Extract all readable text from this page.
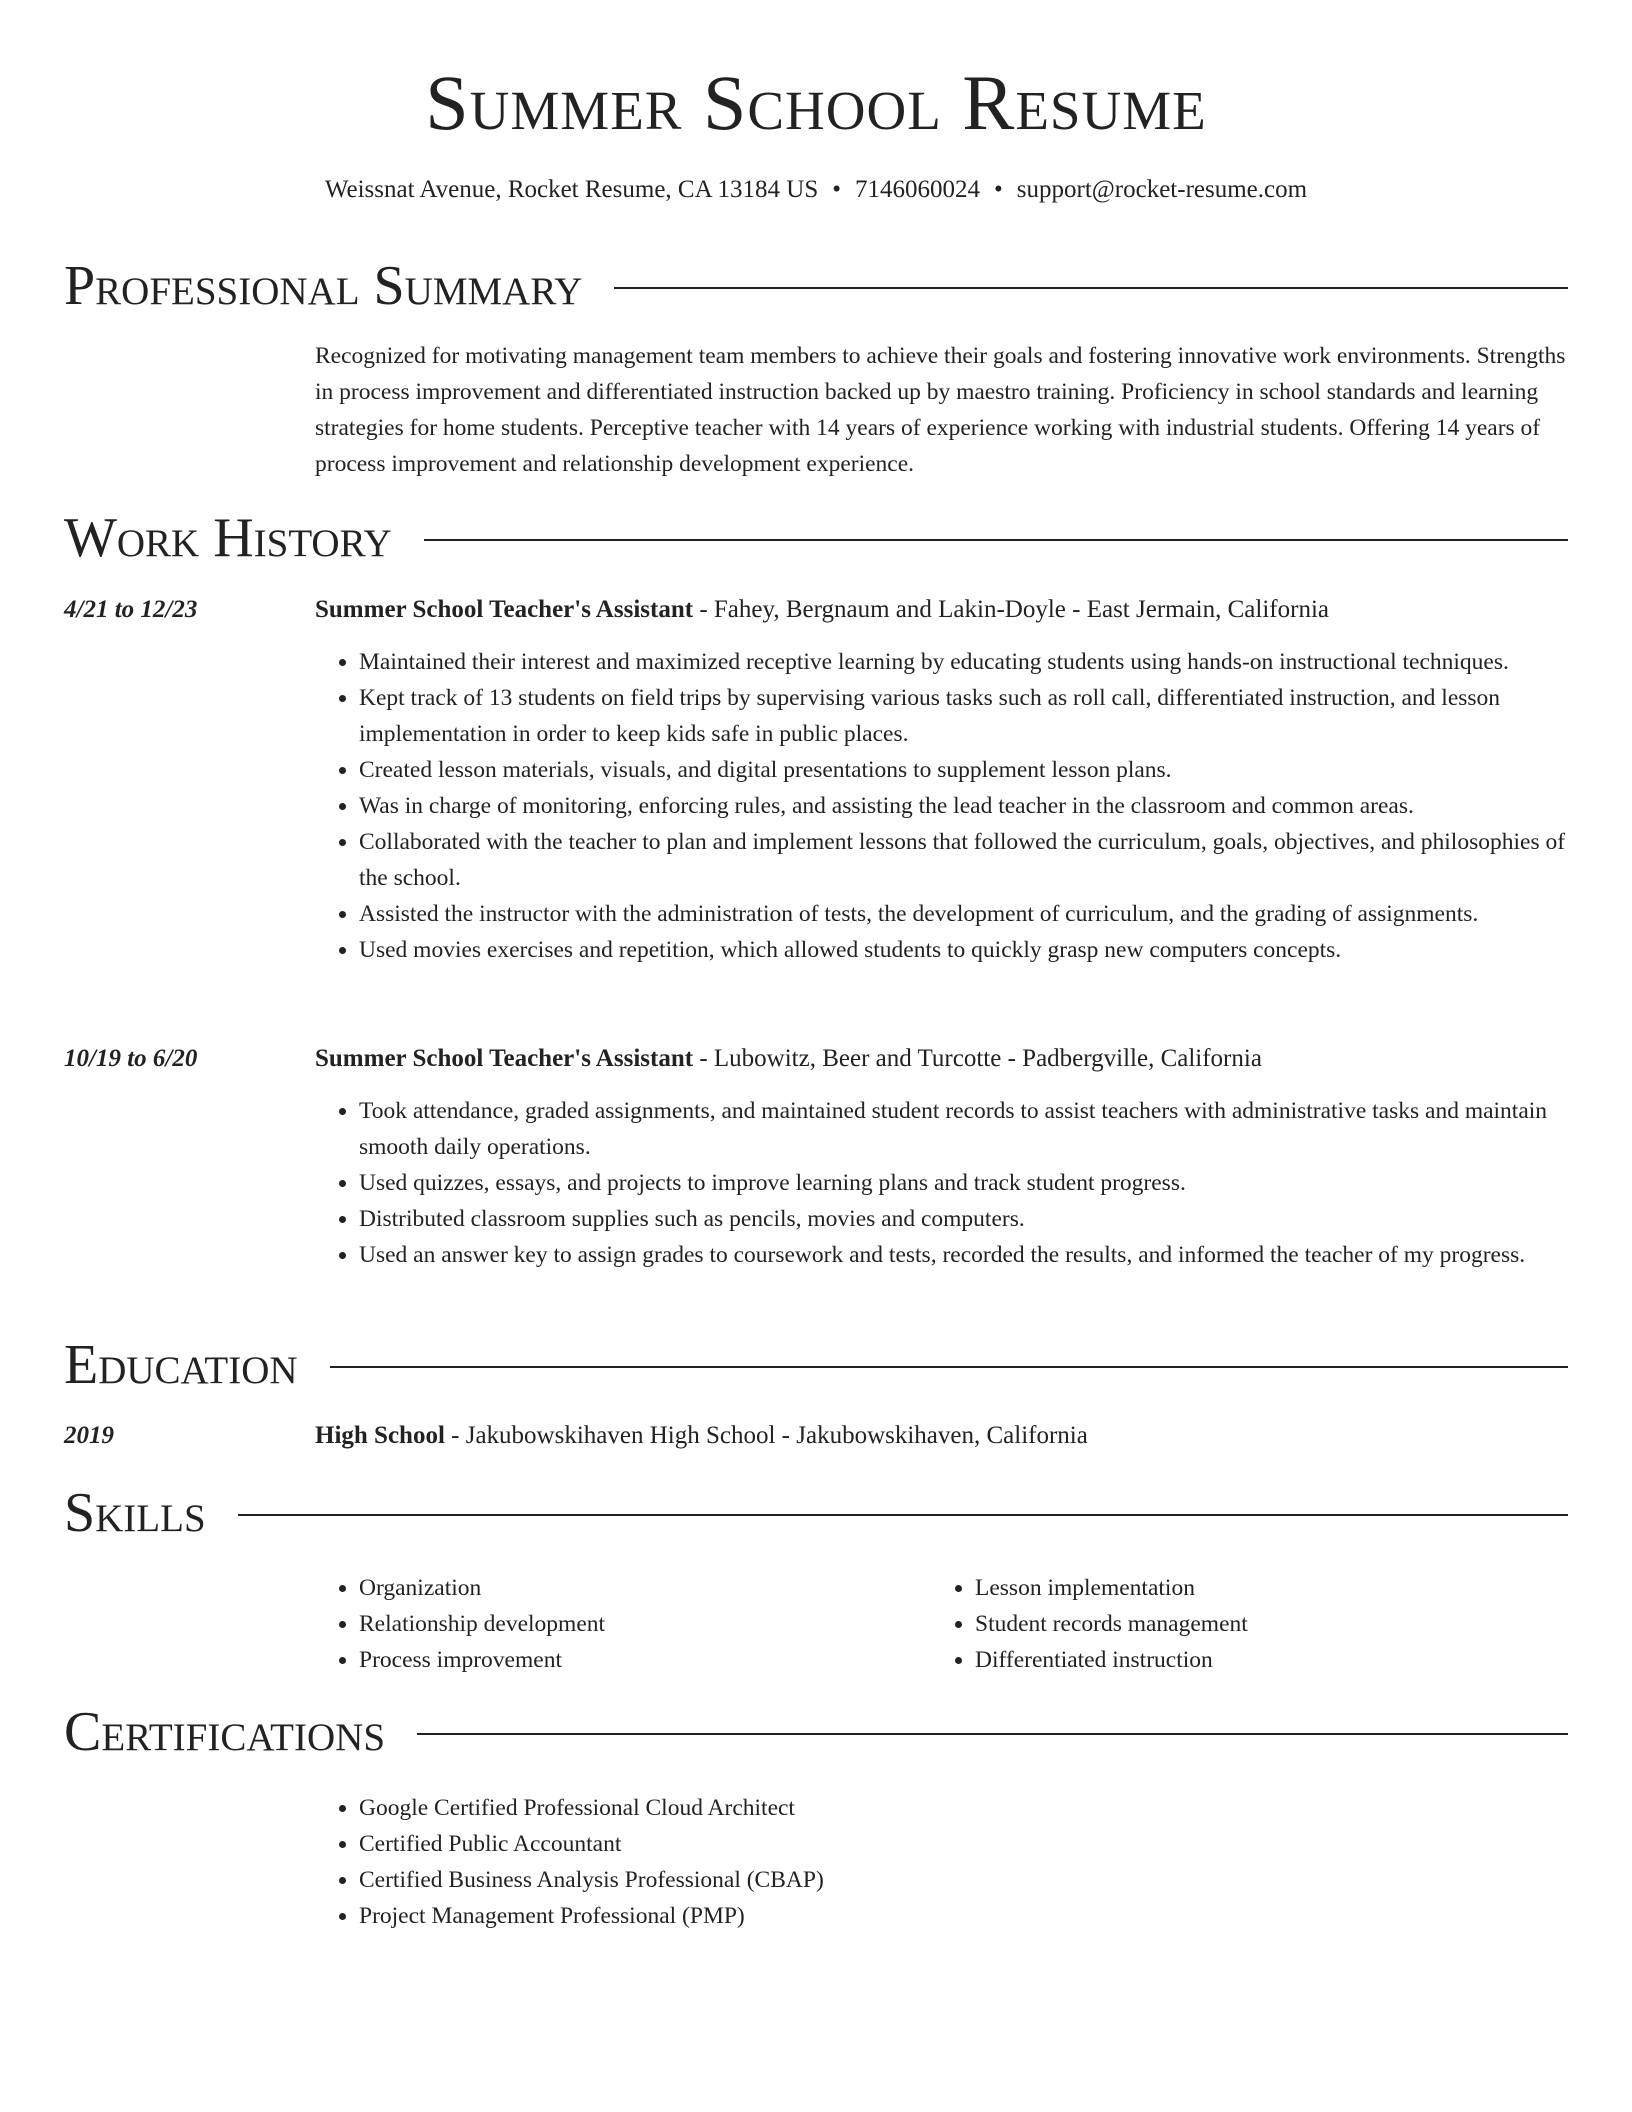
Summer School Resume
Weissnat Avenue, Rocket Resume, CA 13184 US • 7146060024 • support@rocket-resume.com
Professional Summary
Recognized for motivating management team members to achieve their goals and fostering innovative work environments. Strengths in process improvement and differentiated instruction backed up by maestro training. Proficiency in school standards and learning strategies for home students. Perceptive teacher with 14 years of experience working with industrial students. Offering 14 years of process improvement and relationship development experience.
Work History
4/21 to 12/23	Summer School Teacher's Assistant - Fahey, Bergnaum and Lakin-Doyle - East Jermain, California
• Maintained their interest and maximized receptive learning by educating students using hands-on instructional techniques.
• Kept track of 13 students on field trips by supervising various tasks such as roll call, differentiated instruction, and lesson implementation in order to keep kids safe in public places.
• Created lesson materials, visuals, and digital presentations to supplement lesson plans.
• Was in charge of monitoring, enforcing rules, and assisting the lead teacher in the classroom and common areas.
• Collaborated with the teacher to plan and implement lessons that followed the curriculum, goals, objectives, and philosophies of the school.
• Assisted the instructor with the administration of tests, the development of curriculum, and the grading of assignments.
• Used movies exercises and repetition, which allowed students to quickly grasp new computers concepts.
10/19 to 6/20	Summer School Teacher's Assistant - Lubowitz, Beer and Turcotte - Padbergville, California
• Took attendance, graded assignments, and maintained student records to assist teachers with administrative tasks and maintain smooth daily operations.
• Used quizzes, essays, and projects to improve learning plans and track student progress.
• Distributed classroom supplies such as pencils, movies and computers.
• Used an answer key to assign grades to coursework and tests, recorded the results, and informed the teacher of my progress.
Education
2019	High School - Jakubowskihaven High School - Jakubowskihaven, California
Skills
• Organization
• Relationship development
• Process improvement
• Lesson implementation
• Student records management
• Differentiated instruction
Certifications
• Google Certified Professional Cloud Architect
• Certified Public Accountant
• Certified Business Analysis Professional (CBAP)
• Project Management Professional (PMP)
